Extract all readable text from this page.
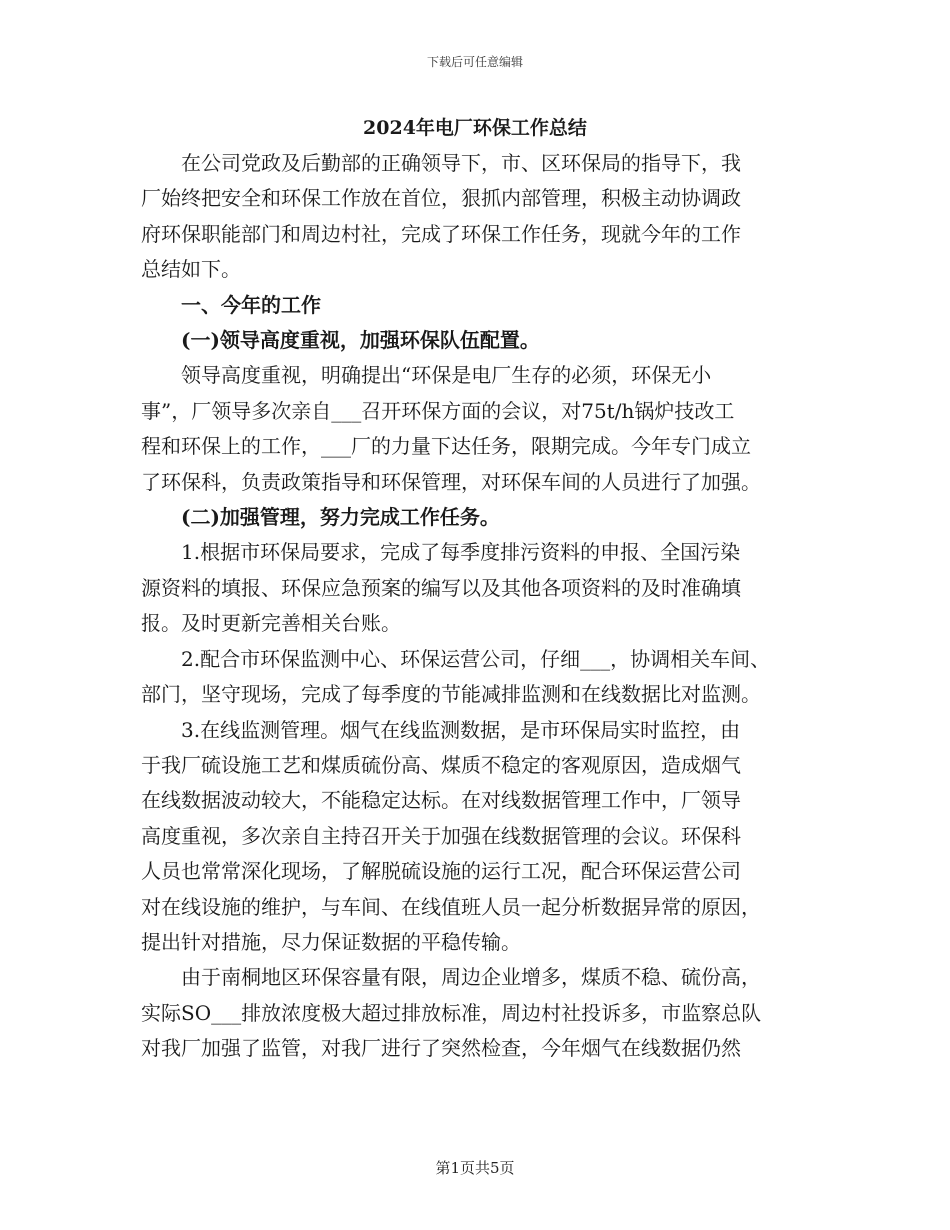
下载后可任意编辑
2024年电厂环保工作总结

在公司党政及后勤部的正确领导下，市、区环保局的指导下，我
厂始终把安全和环保工作放在首位，狠抓内部管理，积极主动协调政
府环保职能部门和周边村社，完成了环保工作任务，现就今年的工作
总结如下。

一、今年的工作

(一)领导高度重视，加强环保队伍配置。

领导高度重视，明确提出“环保是电厂生存的必须，环保无小
事”，厂领导多次亲自___召开环保方面的会议，对75t/h锅炉技改工
程和环保上的工作，___厂的力量下达任务，限期完成。今年专门成立
了环保科，负责政策指导和环保管理，对环保车间的人员进行了加强。

(二)加强管理，努力完成工作任务。

1.根据市环保局要求，完成了每季度排污资料的申报、全国污染
源资料的填报、环保应急预案的编写以及其他各项资料的及时准确填
报。及时更新完善相关台账。

2.配合市环保监测中心、环保运营公司，仔细___，协调相关车间、
部门，坚守现场，完成了每季度的节能减排监测和在线数据比对监测。

3.在线监测管理。烟气在线监测数据，是市环保局实时监控，由
于我厂硫设施工艺和煤质硫份高、煤质不稳定的客观原因，造成烟气
在线数据波动较大，不能稳定达标。在对线数据管理工作中，厂领导
高度重视，多次亲自主持召开关于加强在线数据管理的会议。环保科
人员也常常深化现场，了解脱硫设施的运行工况，配合环保运营公司
对在线设施的维护，与车间、在线值班人员一起分析数据异常的原因，
提出针对措施，尽力保证数据的平稳传输。

由于南桐地区环保容量有限，周边企业增多，煤质不稳、硫份高，
实际SO___排放浓度极大超过排放标准，周边村社投诉多，市监察总队
对我厂加强了监管，对我厂进行了突然检查，今年烟气在线数据仍然

第1页共5页
